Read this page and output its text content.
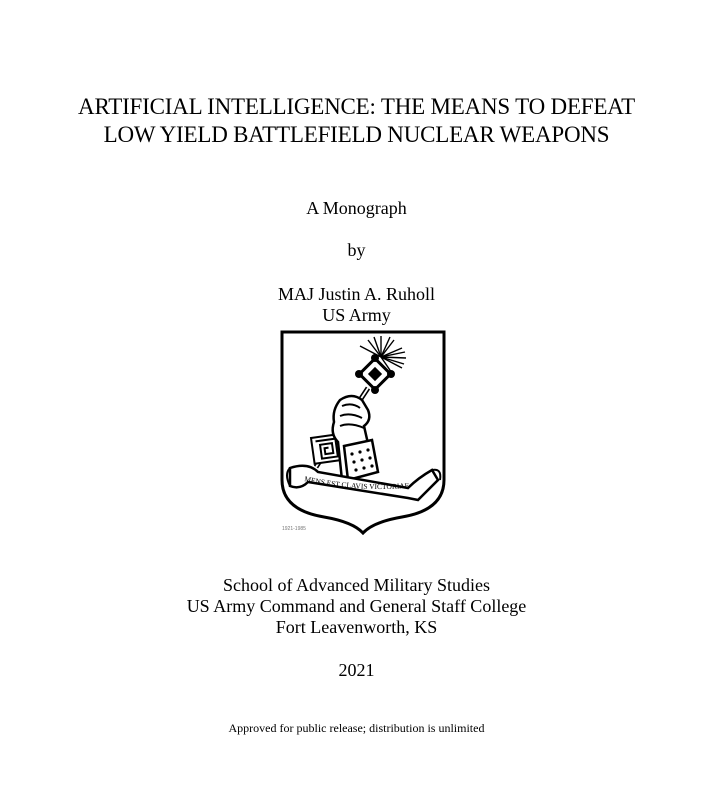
ARTIFICIAL INTELLIGENCE: THE MEANS TO DEFEAT
LOW YIELD BATTLEFIELD NUCLEAR WEAPONS
A Monograph
by
MAJ Justin A. Ruholl
US Army
MENS EST CLAVIS VICTORIAE
1921-1985
School of Advanced Military Studies
US Army Command and General Staff College
Fort Leavenworth, KS
2021
Approved for public release; distribution is unlimited
